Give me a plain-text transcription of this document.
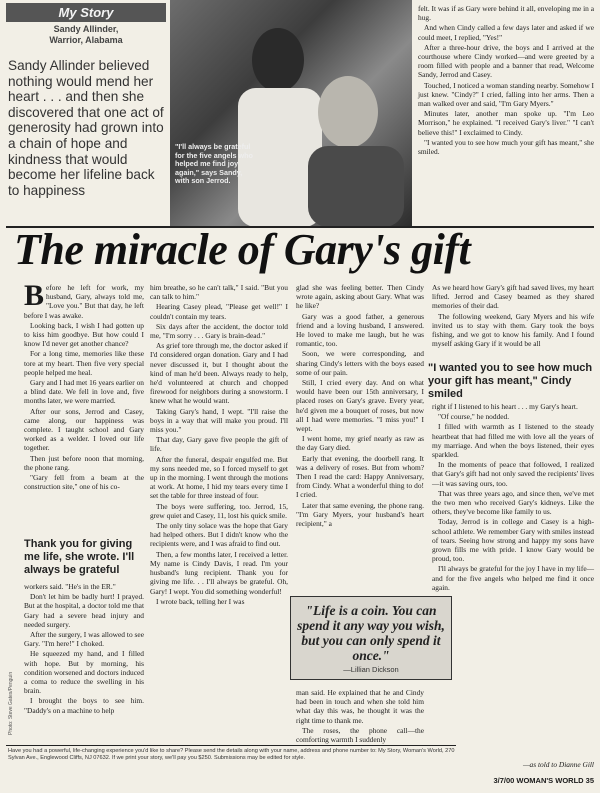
My Story
Sandy Allinder,
Warrior, Alabama
Sandy Allinder believed nothing would mend her heart . . . and then she discovered that one act of generosity had grown into a chain of hope and kindness that would become her lifeline back to happiness
"I'll always be grateful for the five angels who helped me find joy again," says Sandy, with son Jerrod.

felt. It was if as Gary were behind it all, enveloping me in a hug.

And when Cindy called a few days later and asked if we could meet, I replied, "Yes!"

After a three-hour drive, the boys and I arrived at the courthouse where Cindy worked—and were greeted by a room filled with people and a banner that read, Welcome Sandy, Jerrod and Casey.

Touched, I noticed a woman standing nearby. Somehow I just knew. "Cindy?" I cried, falling into her arms. Then a man walked over and said, "I'm Gary Myers."

Minutes later, another man spoke up. "I'm Leo Morrison," he explained. "I received Gary's liver." "I can't believe this!" I exclaimed to Cindy.

"I wanted you to see how much your gift has meant," she smiled.

The miracle of Gary's gift

Before he left for work, my husband, Gary, always told me, "Love you." But that day, he left before I was awake.

Looking back, I wish I had gotten up to kiss him goodbye. But how could I know I'd never get another chance?

For a long time, memories like these tore at my heart. Then five very special people helped me heal.

Gary and I had met 16 years earlier on a blind date. We fell in love and, five months later, we were married.

After our sons, Jerrod and Casey, came along, our happiness was complete. I taught school and Gary worked as a welder. I loved our life together.

Then just before noon that morning, the phone rang.

"Gary fell from a beam at the construction site," one of his co-

Thank you for giving me life, she wrote. I'll always be grateful

workers said. "He's in the ER."

Don't let him be badly hurt! I prayed. But at the hospital, a doctor told me that Gary had a severe head injury and needed surgery.

After the surgery, I was allowed to see Gary. "I'm here!" I choked.

He squeezed my hand, and I filled with hope. But by morning, his condition worsened and doctors induced a coma to reduce the swelling in his brain.

I brought the boys to see him. "Daddy's on a machine to help

him breathe, so he can't talk," I said. "But you can talk to him."

Hearing Casey plead, "Please get well!" I couldn't contain my tears.

Six days after the accident, the doctor told me, "I'm sorry . . . Gary is brain-dead."

As grief tore through me, the doctor asked if I'd considered organ donation. Gary and I had never discussed it, but I thought about the kind of man he'd been. Always ready to help, he'd volunteered at church and chopped firewood for neighbors during a snowstorm. I knew what he would want.

Taking Gary's hand, I wept. "I'll raise the boys in a way that will make you proud. I'll miss you."

That day, Gary gave five people the gift of life.

After the funeral, despair engulfed me. But my sons needed me, so I forced myself to get up in the morning. I went through the motions at work. At home, I hid my tears every time I set the table for three instead of four.

The boys were suffering, too. Jerrod, 15, grew quiet and Casey, 11, lost his quick smile.

The only tiny solace was the hope that Gary had helped others. But I didn't know who the recipients were, and I was afraid to find out.

Then, a few months later, I received a letter. My name is Cindy Davis, I read. I'm your husband's lung recipient. Thank you for giving me life. . . I'll always be grateful. Oh, Gary! I wept. You did something wonderful!

I wrote back, telling her I was

glad she was feeling better. Then Cindy wrote again, asking about Gary. What was he like?

Gary was a good father, a generous friend and a loving husband, I answered. He loved to make me laugh, but he was romantic, too.

Soon, we were corresponding, and sharing Cindy's letters with the boys eased some of our pain.

Still, I cried every day. And on what would have been our 15th anniversary, I placed roses on Gary's grave. Every year, he'd given me a bouquet of roses, but now all I had were memories. "I miss you!" I wept.

I went home, my grief nearly as raw as the day Gary died.

Early that evening, the doorbell rang. It was a delivery of roses. But from whom? Then I read the card: Happy Anniversary, from Cindy. What a wonderful thing to do! I cried.

Later that same evening, the phone rang. "I'm Gary Myers, your husband's heart recipient," a

"Life is a coin. You can spend it any way you wish, but you can only spend it once."
—Lillian Dickson

man said. He explained that he and Cindy had been in touch and when she told him what day this was, he thought it was the right time to thank me.

The roses, the phone call—the comforting warmth I suddenly

As we heard how Gary's gift had saved lives, my heart lifted. Jerrod and Casey beamed as they shared memories of their dad.

The following weekend, Gary Myers and his wife invited us to stay with them. Gary took the boys fishing, and we got to know his family. And I found myself asking Gary if it would be all

"I wanted you to see how much your gift has meant," Cindy smiled

right if I listened to his heart . . . my Gary's heart.

"Of course," he nodded.

I filled with warmth as I listened to the steady heartbeat that had filled me with love all the years of my marriage. And when the boys listened, their eyes sparkled.

In the moments of peace that followed, I realized that Gary's gift had not only saved the recipients' lives—it was saving ours, too.

That was three years ago, and since then, we've met the two men who received Gary's kidneys. Like the others, they've become like family to us.

Today, Jerrod is in college and Casey is a high-school athlete. We remember Gary with smiles instead of tears. Seeing how strong and happy my sons have grown fills me with pride. I know Gary would be proud, too.

I'll always be grateful for the joy I have in my life—and for the five angels who helped me find it once again.

—as told to Dianne Gill
Have you had a powerful, life-changing experience you'd like to share? Please send the details along with your name, address and phone number to: My Story, Woman's World, 270 Sylvan Ave., Englewood Cliffs, NJ 07632. If we print your story, we'll pay you $250. Submissions may be edited for style.
3/7/00 WOMAN'S WORLD 35
Photo: Steve Gates/Penguin
